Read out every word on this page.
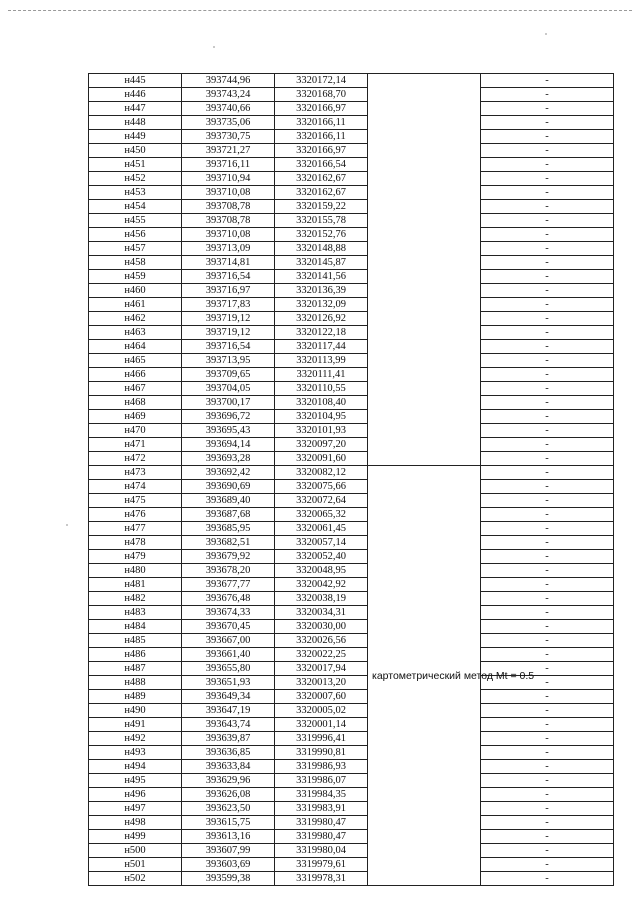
н445	393744,96	3320172,14		-
н446	393743,24	3320168,70		-
н447	393740,66	3320166,97		-
н448	393735,06	3320166,11		-
н449	393730,75	3320166,11		-
н450	393721,27	3320166,97		-
н451	393716,11	3320166,54		-
н452	393710,94	3320162,67		-
н453	393710,08	3320162,67		-
н454	393708,78	3320159,22		-
н455	393708,78	3320155,78		-
н456	393710,08	3320152,76		-
н457	393713,09	3320148,88		-
н458	393714,81	3320145,87		-
н459	393716,54	3320141,56		-
н460	393716,97	3320136,39		-
н461	393717,83	3320132,09		-
н462	393719,12	3320126,92		-
н463	393719,12	3320122,18		-
н464	393716,54	3320117,44		-
н465	393713,95	3320113,99		-
н466	393709,65	3320111,41		-
н467	393704,05	3320110,55		-
н468	393700,17	3320108,40		-
н469	393696,72	3320104,95		-
н470	393695,43	3320101,93		-
н471	393694,14	3320097,20		-
н472	393693,28	3320091,60		-
н473	393692,42	3320082,12	картометрический метод Mt = 0.5	-
н474	393690,69	3320075,66		-
н475	393689,40	3320072,64		-
н476	393687,68	3320065,32		-
н477	393685,95	3320061,45		-
н478	393682,51	3320057,14		-
н479	393679,92	3320052,40		-
н480	393678,20	3320048,95		-
н481	393677,77	3320042,92		-
н482	393676,48	3320038,19		-
н483	393674,33	3320034,31		-
н484	393670,45	3320030,00		-
н485	393667,00	3320026,56		-
н486	393661,40	3320022,25		-
н487	393655,80	3320017,94		-
н488	393651,93	3320013,20		-
н489	393649,34	3320007,60		-
н490	393647,19	3320005,02		-
н491	393643,74	3320001,14		-
н492	393639,87	3319996,41		-
н493	393636,85	3319990,81		-
н494	393633,84	3319986,93		-
н495	393629,96	3319986,07		-
н496	393626,08	3319984,35		-
н497	393623,50	3319983,91		-
н498	393615,75	3319980,47		-
н499	393613,16	3319980,47		-
н500	393607,99	3319980,04		-
н501	393603,69	3319979,61		-
н502	393599,38	3319978,31		-
